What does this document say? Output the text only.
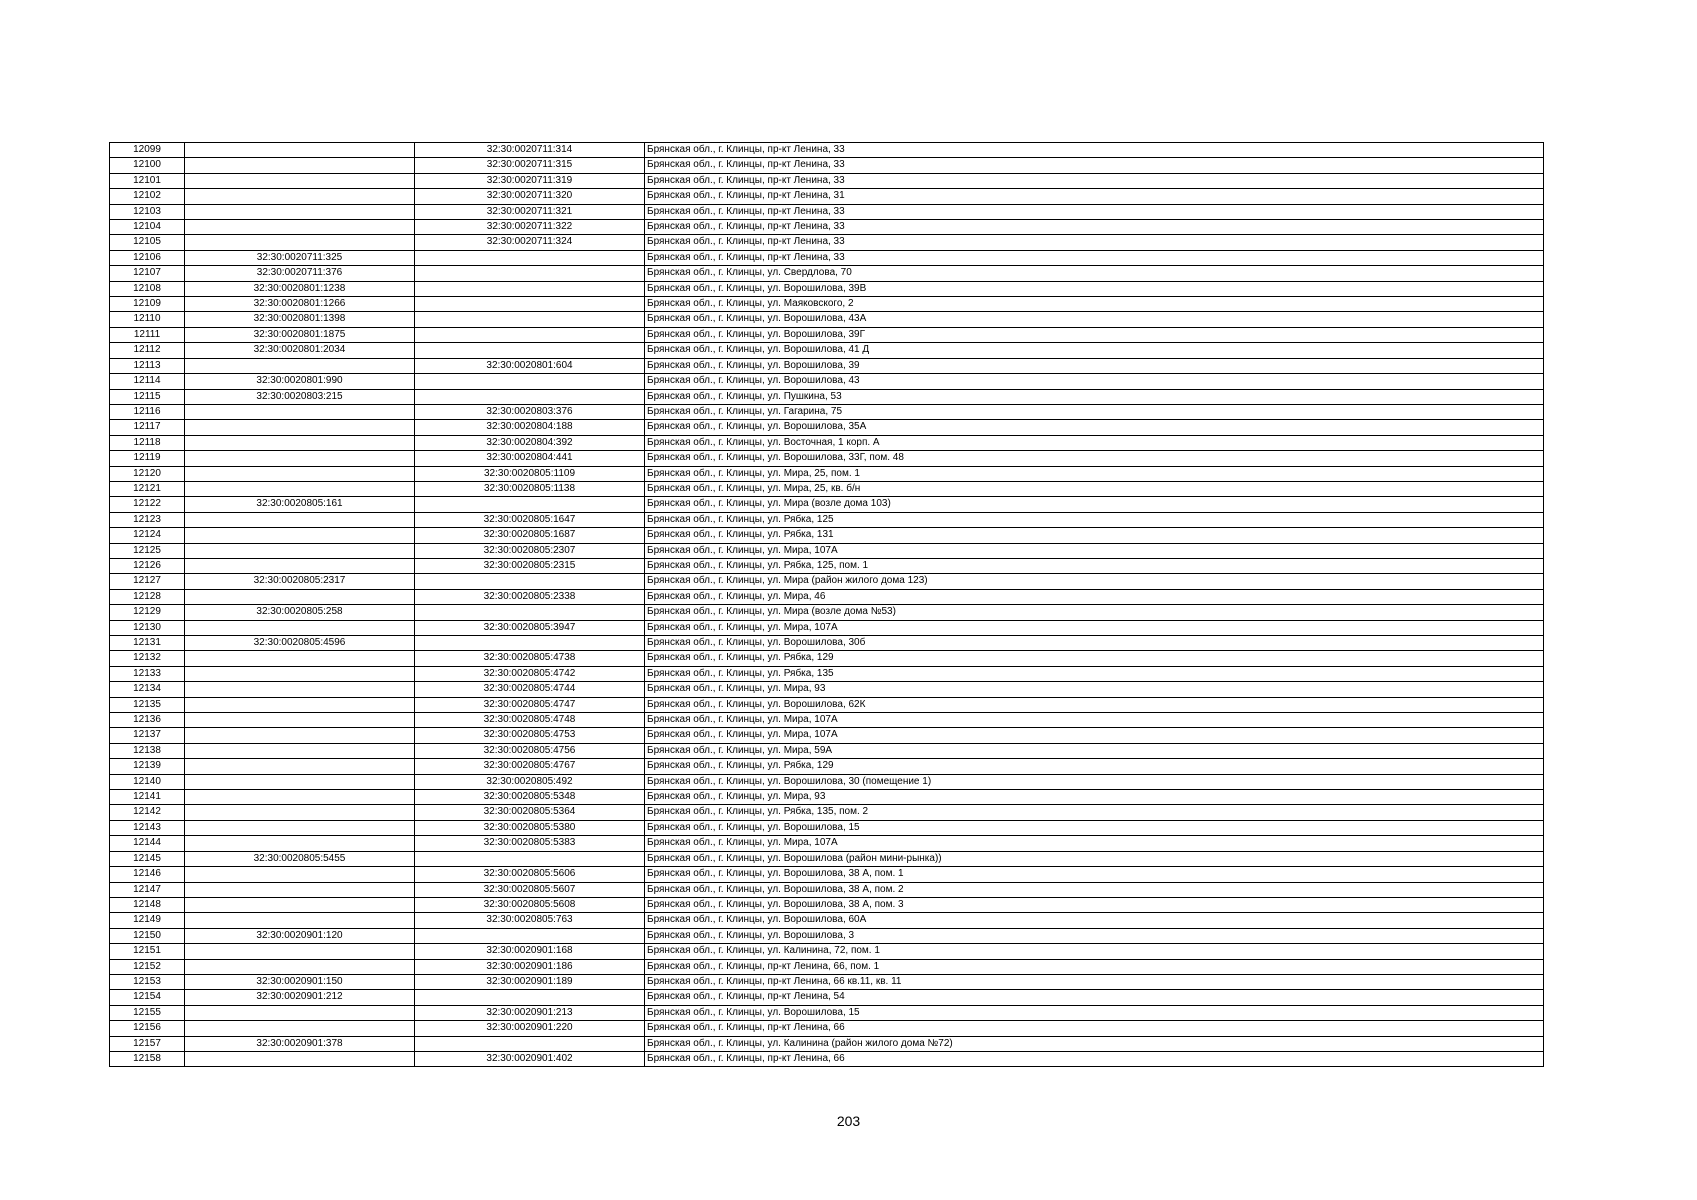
12099		32:30:0020711:314	Брянская обл., г. Клинцы, пр-кт Ленина, 33
12100		32:30:0020711:315	Брянская обл., г. Клинцы, пр-кт Ленина, 33
12101		32:30:0020711:319	Брянская обл., г. Клинцы, пр-кт Ленина, 33
12102		32:30:0020711:320	Брянская обл., г. Клинцы, пр-кт Ленина, 31
12103		32:30:0020711:321	Брянская обл., г. Клинцы, пр-кт Ленина, 33
12104		32:30:0020711:322	Брянская обл., г. Клинцы, пр-кт Ленина, 33
12105		32:30:0020711:324	Брянская обл., г. Клинцы, пр-кт Ленина, 33
12106	32:30:0020711:325		Брянская обл., г. Клинцы, пр-кт Ленина, 33
12107	32:30:0020711:376		Брянская обл., г. Клинцы, ул. Свердлова, 70
12108	32:30:0020801:1238		Брянская обл., г. Клинцы, ул. Ворошилова, 39В
12109	32:30:0020801:1266		Брянская обл., г. Клинцы, ул. Маяковского, 2
12110	32:30:0020801:1398		Брянская обл., г. Клинцы, ул. Ворошилова, 43А
12111	32:30:0020801:1875		Брянская обл., г. Клинцы, ул. Ворошилова, 39Г
12112	32:30:0020801:2034		Брянская обл., г. Клинцы, ул. Ворошилова, 41 Д
12113		32:30:0020801:604	Брянская обл., г. Клинцы, ул. Ворошилова, 39
12114	32:30:0020801:990		Брянская обл., г. Клинцы, ул. Ворошилова, 43
12115	32:30:0020803:215		Брянская обл., г. Клинцы, ул. Пушкина, 53
12116		32:30:0020803:376	Брянская обл., г. Клинцы, ул. Гагарина, 75
12117		32:30:0020804:188	Брянская обл., г. Клинцы, ул. Ворошилова, 35А
12118		32:30:0020804:392	Брянская обл., г. Клинцы, ул. Восточная, 1 корп. А
12119		32:30:0020804:441	Брянская обл., г. Клинцы, ул. Ворошилова, 33Г, пом. 48
12120		32:30:0020805:1109	Брянская обл., г. Клинцы, ул. Мира, 25, пом. 1
12121		32:30:0020805:1138	Брянская обл., г. Клинцы, ул. Мира, 25, кв. б/н
12122	32:30:0020805:161		Брянская обл., г. Клинцы, ул. Мира (возле дома 103)
12123		32:30:0020805:1647	Брянская обл., г. Клинцы, ул. Рябка, 125
12124		32:30:0020805:1687	Брянская обл., г. Клинцы, ул. Рябка, 131
12125		32:30:0020805:2307	Брянская обл., г. Клинцы, ул. Мира, 107А
12126		32:30:0020805:2315	Брянская обл., г. Клинцы, ул. Рябка, 125, пом. 1
12127	32:30:0020805:2317		Брянская обл., г. Клинцы, ул. Мира (район жилого дома 123)
12128		32:30:0020805:2338	Брянская обл., г. Клинцы, ул. Мира, 46
12129	32:30:0020805:258		Брянская обл., г. Клинцы, ул. Мира (возле дома №53)
12130		32:30:0020805:3947	Брянская обл., г. Клинцы, ул. Мира, 107А
12131	32:30:0020805:4596		Брянская обл., г. Клинцы, ул. Ворошилова, 30б
12132		32:30:0020805:4738	Брянская обл., г. Клинцы, ул. Рябка, 129
12133		32:30:0020805:4742	Брянская обл., г. Клинцы, ул. Рябка, 135
12134		32:30:0020805:4744	Брянская обл., г. Клинцы, ул. Мира, 93
12135		32:30:0020805:4747	Брянская обл., г. Клинцы, ул. Ворошилова, 62К
12136		32:30:0020805:4748	Брянская обл., г. Клинцы, ул. Мира, 107А
12137		32:30:0020805:4753	Брянская обл., г. Клинцы, ул. Мира, 107А
12138		32:30:0020805:4756	Брянская обл., г. Клинцы, ул. Мира, 59А
12139		32:30:0020805:4767	Брянская обл., г. Клинцы, ул. Рябка, 129
12140		32:30:0020805:492	Брянская обл., г. Клинцы, ул. Ворошилова, 30 (помещение 1)
12141		32:30:0020805:5348	Брянская обл., г. Клинцы, ул. Мира, 93
12142		32:30:0020805:5364	Брянская обл., г. Клинцы, ул. Рябка, 135, пом. 2
12143		32:30:0020805:5380	Брянская обл., г. Клинцы, ул. Ворошилова, 15
12144		32:30:0020805:5383	Брянская обл., г. Клинцы, ул. Мира, 107А
12145	32:30:0020805:5455		Брянская обл., г. Клинцы, ул. Ворошилова (район мини-рынка))
12146		32:30:0020805:5606	Брянская обл., г. Клинцы, ул. Ворошилова, 38 А, пом. 1
12147		32:30:0020805:5607	Брянская обл., г. Клинцы, ул. Ворошилова, 38 А, пом. 2
12148		32:30:0020805:5608	Брянская обл., г. Клинцы, ул. Ворошилова, 38 А, пом. 3
12149		32:30:0020805:763	Брянская обл., г. Клинцы, ул. Ворошилова, 60А
12150	32:30:0020901:120		Брянская обл., г. Клинцы, ул. Ворошилова, 3
12151		32:30:0020901:168	Брянская обл., г. Клинцы, ул. Калинина, 72, пом. 1
12152		32:30:0020901:186	Брянская обл., г. Клинцы, пр-кт Ленина, 66, пом. 1
12153	32:30:0020901:150	32:30:0020901:189	Брянская обл., г. Клинцы, пр-кт Ленина, 66 кв.11, кв. 11
12154	32:30:0020901:212		Брянская обл., г. Клинцы, пр-кт Ленина, 54
12155		32:30:0020901:213	Брянская обл., г. Клинцы, ул. Ворошилова, 15
12156		32:30:0020901:220	Брянская обл., г. Клинцы, пр-кт Ленина, 66
12157	32:30:0020901:378		Брянская обл., г. Клинцы, ул. Калинина (район жилого дома №72)
12158		32:30:0020901:402	Брянская обл., г. Клинцы, пр-кт Ленина, 66
203
